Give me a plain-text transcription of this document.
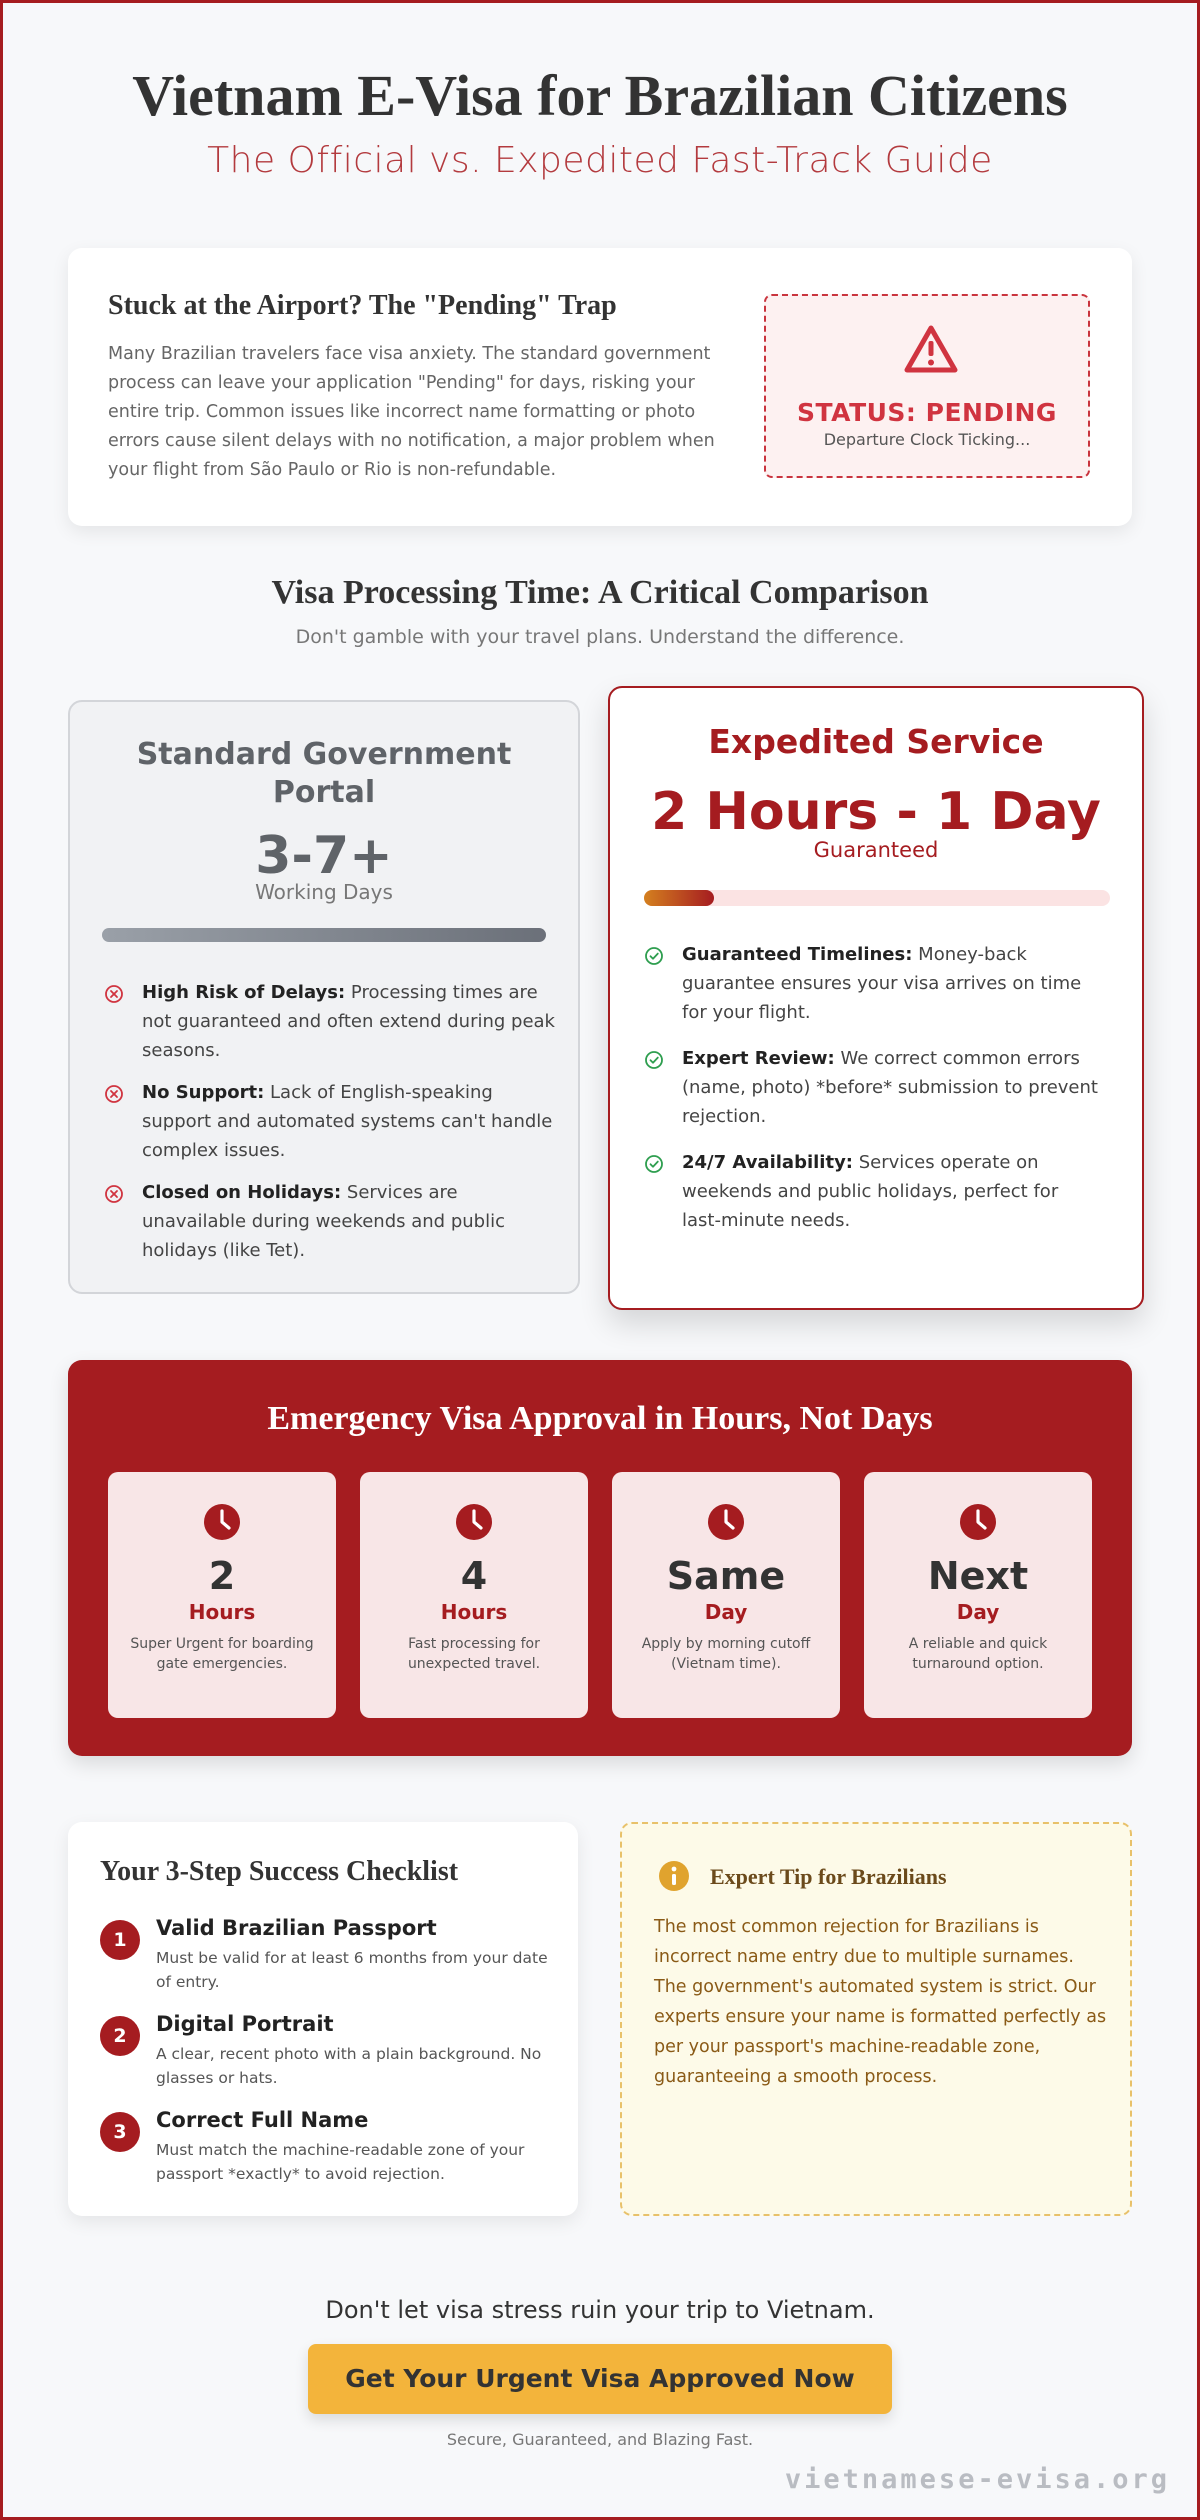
Vietnam E-Visa for Brazilian Citizens
The Official vs. Expedited Fast-Track Guide
Stuck at the Airport? The "Pending" Trap

Many Brazilian travelers face visa anxiety. The standard government process can leave your application "Pending" for days, risking your entire trip. Common issues like incorrect name formatting or photo errors cause silent delays with no notification, a major problem when your flight from São Paulo or Rio is non-refundable.

STATUS: PENDING
Departure Clock Ticking...
Visa Processing Time: A Critical Comparison
Don't gamble with your travel plans. Understand the difference.
Standard Government Portal
3-7+
Working Days
High Risk of Delays: Processing times are not guaranteed and often extend during peak seasons.
No Support: Lack of English-speaking support and automated systems can't handle complex issues.
Closed on Holidays: Services are unavailable during weekends and public holidays (like Tet).
Expedited Service
2 Hours - 1 Day
Guaranteed
Guaranteed Timelines: Money-back guarantee ensures your visa arrives on time for your flight.
Expert Review: We correct common errors (name, photo) *before* submission to prevent rejection.
24/7 Availability: Services operate on weekends and public holidays, perfect for last-minute needs.
Emergency Visa Approval in Hours, Not Days
2
Hours
Super Urgent for boarding gate emergencies.
4
Hours
Fast processing for unexpected travel.
Same
Day
Apply by morning cutoff (Vietnam time).
Next
Day
A reliable and quick turnaround option.
Your 3-Step Success Checklist
1	Valid Brazilian Passport
Must be valid for at least 6 months from your date of entry.
2	Digital Portrait
A clear, recent photo with a plain background. No glasses or hats.
3	Correct Full Name
Must match the machine-readable zone of your passport *exactly* to avoid rejection.
Expert Tip for Brazilians

The most common rejection for Brazilians is incorrect name entry due to multiple surnames. The government's automated system is strict. Our experts ensure your name is formatted perfectly as per your passport's machine-readable zone, guaranteeing a smooth process.

Don't let visa stress ruin your trip to Vietnam.
Get Your Urgent Visa Approved Now
Secure, Guaranteed, and Blazing Fast.
vietnamese-evisa.org
